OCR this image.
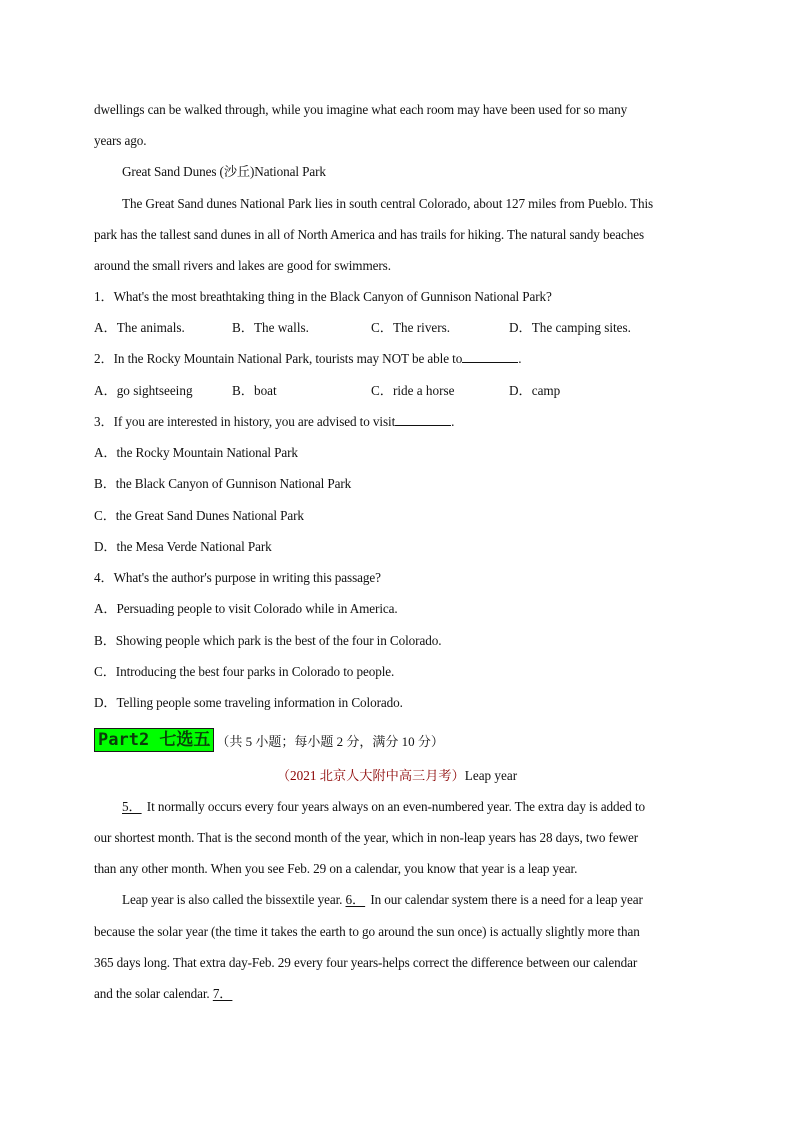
dwellings can be walked through, while you imagine what each room may have been used for so many
years ago.
Great Sand Dunes (沙丘)National Park
The Great Sand dunes National Park lies in south central Colorado, about 127 miles from Pueblo. This
park has the tallest sand dunes in all of North America and has trails for hiking. The natural sandy beaches
around the small rivers and lakes are good for swimmers.
1．What's the most breathtaking thing in the Black Canyon of Gunnison National Park?
A．The animals.	B．The walls.	C．The rivers.	D．The camping sites.
2．In the Rocky Mountain National Park, tourists may NOT be able to	.
A．go sightseeing	B．boat	C．ride a horse	D．camp
3．If you are interested in history, you are advised to visit	.
A．the Rocky Mountain National Park
B．the Black Canyon of Gunnison National Park
C．the Great Sand Dunes National Park
D．the Mesa Verde National Park
4．What's the author's purpose in writing this passage?
A．Persuading people to visit Colorado while in America.
B．Showing people which park is the best of the four in Colorado.
C．Introducing the best four parks in Colorado to people.
D．Telling people some traveling information in Colorado.
Part2 七选五 （共 5 小题；每小题 2 分，满分 10 分）
（2021 北京人大附中高三月考）Leap year
5． It normally occurs every four years always on an even-numbered year. The extra day is added to
our shortest month. That is the second month of the year, which in non-leap years has 28 days, two fewer
than any other month. When you see Feb. 29 on a calendar, you know that year is a leap year.
Leap year is also called the bissextile year. 6． In our calendar system there is a need for a leap year
because the solar year (the time it takes the earth to go around the sun once) is actually slightly more than
365 days long. That extra day-Feb. 29 every four years-helps correct the difference between our calendar
and the solar calendar. 7．
